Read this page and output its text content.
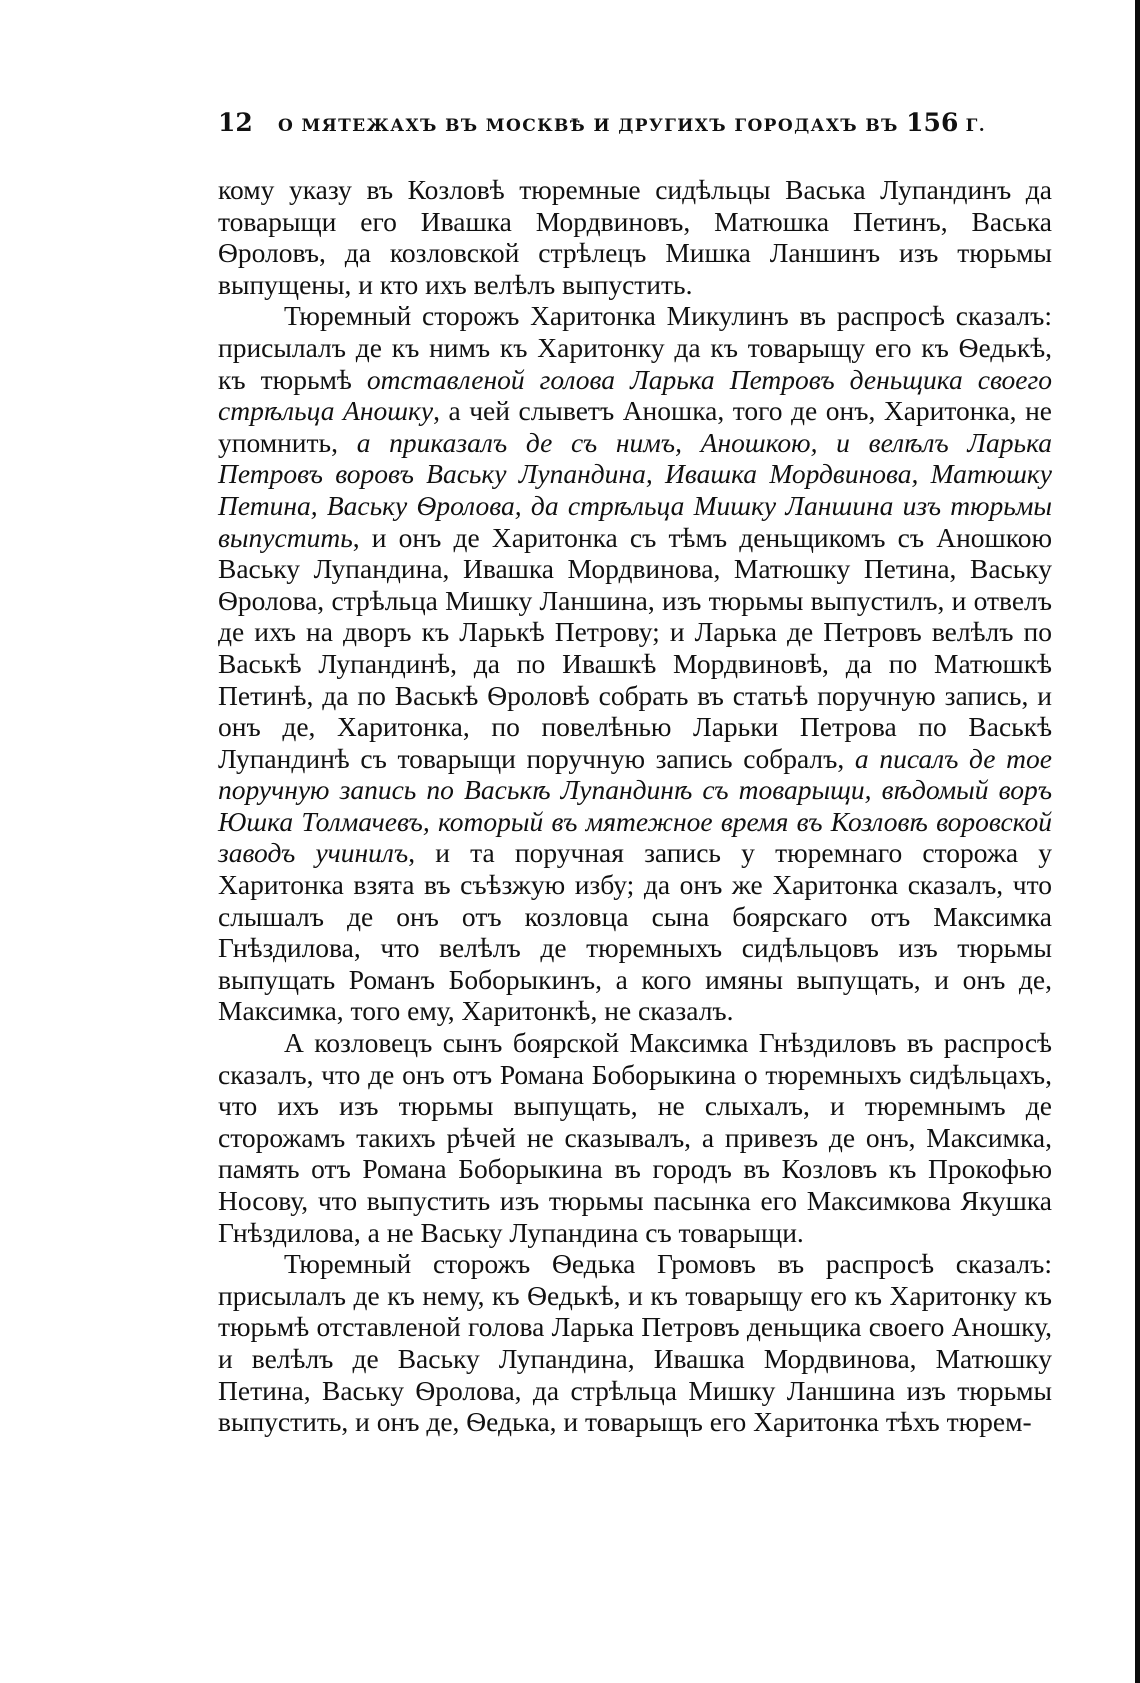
12	О МЯТЕЖАХЪ ВЪ МОСКВѢ И ДРУГИХЪ ГОРОДАХЪ ВЪ 156 Г.

кому указу въ Козловѣ тюремные сидѣльцы Васька Лупандинъ да товарыщи его Ивашка Мордвиновъ, Матюшка Петинъ, Васька Ѳроловъ, да козловской стрѣлецъ Мишка Ланшинъ изъ тюрьмы выпущены, и кто ихъ велѣлъ выпустить.

Тюремный сторожъ Харитонка Микулинъ въ распросѣ сказалъ: присылалъ де къ нимъ къ Харитонку да къ товарыщу его къ Ѳедькѣ, къ тюрьмѣ отставленой голова Ларька Петровъ деньщика своего стрѣльца Аношку, а чей слыветъ Аношка, того де онъ, Харитонка, не упомнить, а приказалъ де съ нимъ, Аношкою, и велѣлъ Ларька Петровъ воровъ Ваську Лупандина, Ивашка Мордвинова, Матюшку Петина, Ваську Ѳролова, да стрѣльца Мишку Ланшина изъ тюрьмы выпустить, и онъ де Харитонка съ тѣмъ деньщикомъ съ Аношкою Ваську Лупандина, Ивашка Мордвинова, Матюшку Петина, Ваську Ѳролова, стрѣльца Мишку Ланшина, изъ тюрьмы выпустилъ, и отвелъ де ихъ на дворъ къ Ларькѣ Петрову; и Ларька де Петровъ велѣлъ по Васькѣ Лупандинѣ, да по Ивашкѣ Мордвиновѣ, да по Матюшкѣ Петинѣ, да по Васькѣ Ѳроловѣ собрать въ статьѣ поручную запись, и онъ де, Харитонка, по повелѣнью Ларьки Петрова по Васькѣ Лупандинѣ съ товарыщи поручную запись собралъ, а писалъ де тое поручную запись по Васькѣ Лупандинѣ съ товарыщи, вѣдомый воръ Юшка Толмачевъ, который въ мятежное время въ Козловѣ воровской заводъ учинилъ, и та поручная запись у тюремнаго сторожа у Харитонка взята въ съѣзжую избу; да онъ же Харитонка сказалъ, что слышалъ де онъ отъ козловца сына боярскаго отъ Максимка Гнѣздилова, что велѣлъ де тюремныхъ сидѣльцовъ изъ тюрьмы выпущать Романъ Боборыкинъ, а кого имяны выпущать, и онъ де, Максимка, того ему, Харитонкѣ, не сказалъ.

А козловецъ сынъ боярской Максимка Гнѣздиловъ въ распросѣ сказалъ, что де онъ отъ Романа Боборыкина о тюремныхъ сидѣльцахъ, что ихъ изъ тюрьмы выпущать, не слыхалъ, и тюремнымъ де сторожамъ такихъ рѣчей не сказывалъ, а привезъ де онъ, Максимка, память отъ Романа Боборыкина въ городъ въ Козловъ къ Прокофью Носову, что выпустить изъ тюрьмы пасынка его Максимкова Якушка Гнѣздилова, а не Ваську Лупандина съ товарыщи.

Тюремный сторожъ Ѳедька Громовъ въ распросѣ сказалъ: присылалъ де къ нему, къ Ѳедькѣ, и къ товарыщу его къ Харитонку къ тюрьмѣ отставленой голова Ларька Петровъ деньщика своего Аношку, и велѣлъ де Ваську Лупандина, Ивашка Мордвинова, Матюшку Петина, Ваську Ѳролова, да стрѣльца Мишку Ланшина изъ тюрьмы выпустить, и онъ де, Ѳедька, и товарыщъ его Харитонка тѣхъ тюрем-
